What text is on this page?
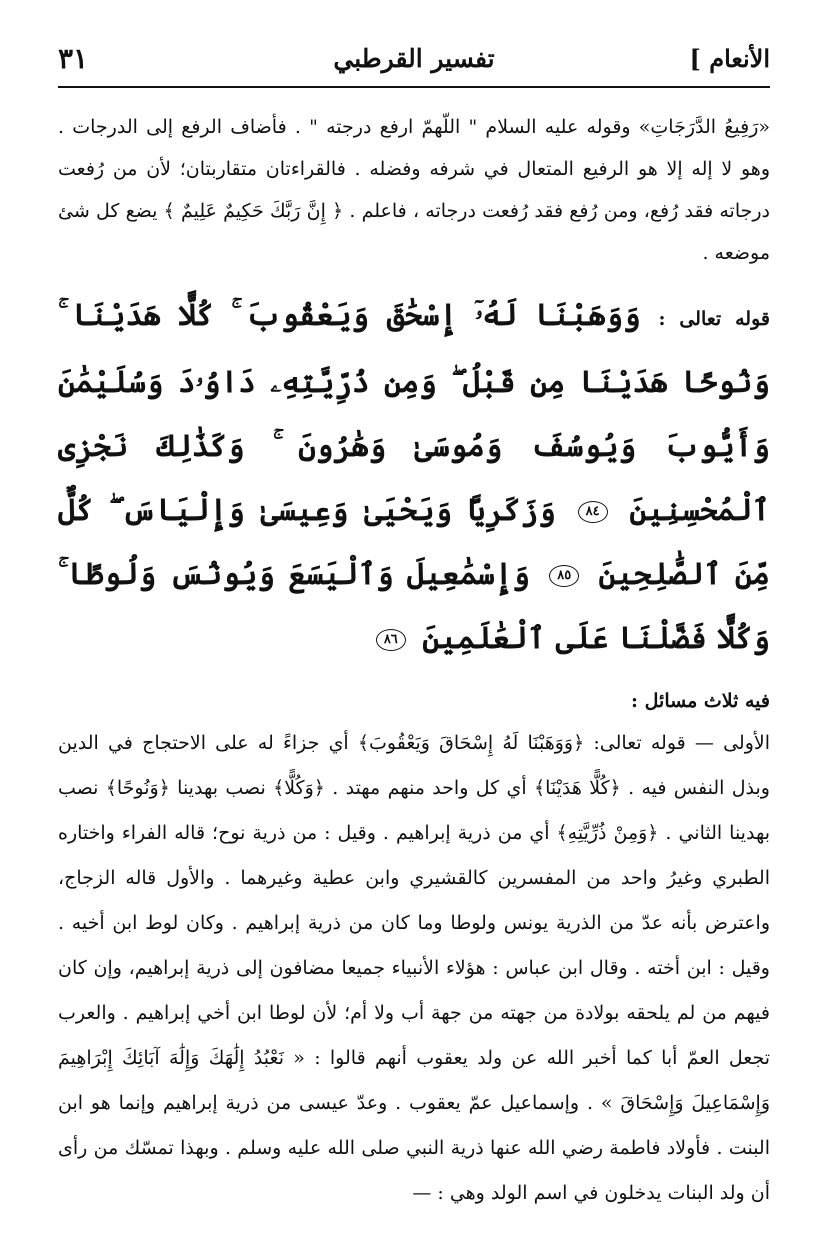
الأنعام ]
تفسير القرطبي
٣١

«رَفِيعُ الدَّرَجَاتِ» وقوله عليه السلام " اللّهمّ ارفع درجته " . فأضاف الرفع إلى الدرجات . وهو لا إله إلا هو الرفيع المتعال في شرفه وفضله . فالقراءتان متقاربتان؛ لأن من رُفعت درجاته فقد رُفع، ومن رُفع فقد رُفعت درجاته ، فاعلم . ﴿ إِنَّ رَبَّكَ حَكِيمٌ عَلِيمٌ ﴾ يضع كل شئ موضعه .

قوله تعالى : وَوَهَبْنَا لَهُۥٓ إِسْحَٰقَ وَيَعْقُوبَ ۚ كُلًّا هَدَيْنَا ۚ وَنُوحًا هَدَيْنَا مِن قَبْلُ ۖ وَمِن ذُرِّيَّتِهِۦ دَاوُۥدَ وَسُلَيْمَٰنَ وَأَيُّوبَ وَيُوسُفَ وَمُوسَىٰ وَهَٰرُونَ ۚ وَكَذَٰلِكَ نَجْزِى ٱلْمُحْسِنِينَ ٨٤ وَزَكَرِيَّا وَيَحْيَىٰ وَعِيسَىٰ وَإِلْيَاسَ ۖ كُلٌّ مِّنَ ٱلصَّٰلِحِينَ ٨٥ وَإِسْمَٰعِيلَ وَٱلْيَسَعَ وَيُونُسَ وَلُوطًا ۚ وَكُلًّا فَضَّلْنَا عَلَى ٱلْعَٰلَمِينَ ٨٦
فيه ثلاث مسائل :

الأولى — قوله تعالى: ﴿وَوَهَبْنَا لَهُ إِسْحَاقَ وَيَعْقُوبَ﴾ أي جزاءً له على الاحتجاج في الدين وبذل النفس فيه . ﴿كُلًّا هَدَيْنَا﴾ أي كل واحد منهم مهتد . ﴿وَكُلًّا﴾ نصب بهدينا ﴿وَنُوحًا﴾ نصب بهدينا الثاني . ﴿وَمِنْ ذُرِّيَّتِهِ﴾ أي من ذرية إبراهيم . وقيل : من ذرية نوح؛ قاله الفراء واختاره الطبري وغيرُ واحد من المفسرين كالقشيري وابن عطية وغيرهما . والأول قاله الزجاج، واعترض بأنه عدّ من الذرية يونس ولوطا وما كان من ذرية إبراهيم . وكان لوط ابن أخيه . وقيل : ابن أخته . وقال ابن عباس : هؤلاء الأنبياء جميعا مضافون إلى ذرية إبراهيم، وإن كان فيهم من لم يلحقه بولادة من جهته من جهة أب ولا أم؛ لأن لوطا ابن أخي إبراهيم . والعرب تجعل العمّ أبا كما أخبر الله عن ولد يعقوب أنهم قالوا : « نَعْبُدُ إِلَٰهَكَ وَإِلَٰهَ آبَائِكَ إِبْرَاهِيمَ وَإِسْمَاعِيلَ وَإِسْحَاقَ » . وإسماعيل عمّ يعقوب . وعدّ عيسى من ذرية إبراهيم وإنما هو ابن البنت . فأولاد فاطمة رضي الله عنها ذرية النبي صلى الله عليه وسلم . وبهذا تمسّك من رأى أن ولد البنات يدخلون في اسم الولد وهي : —
